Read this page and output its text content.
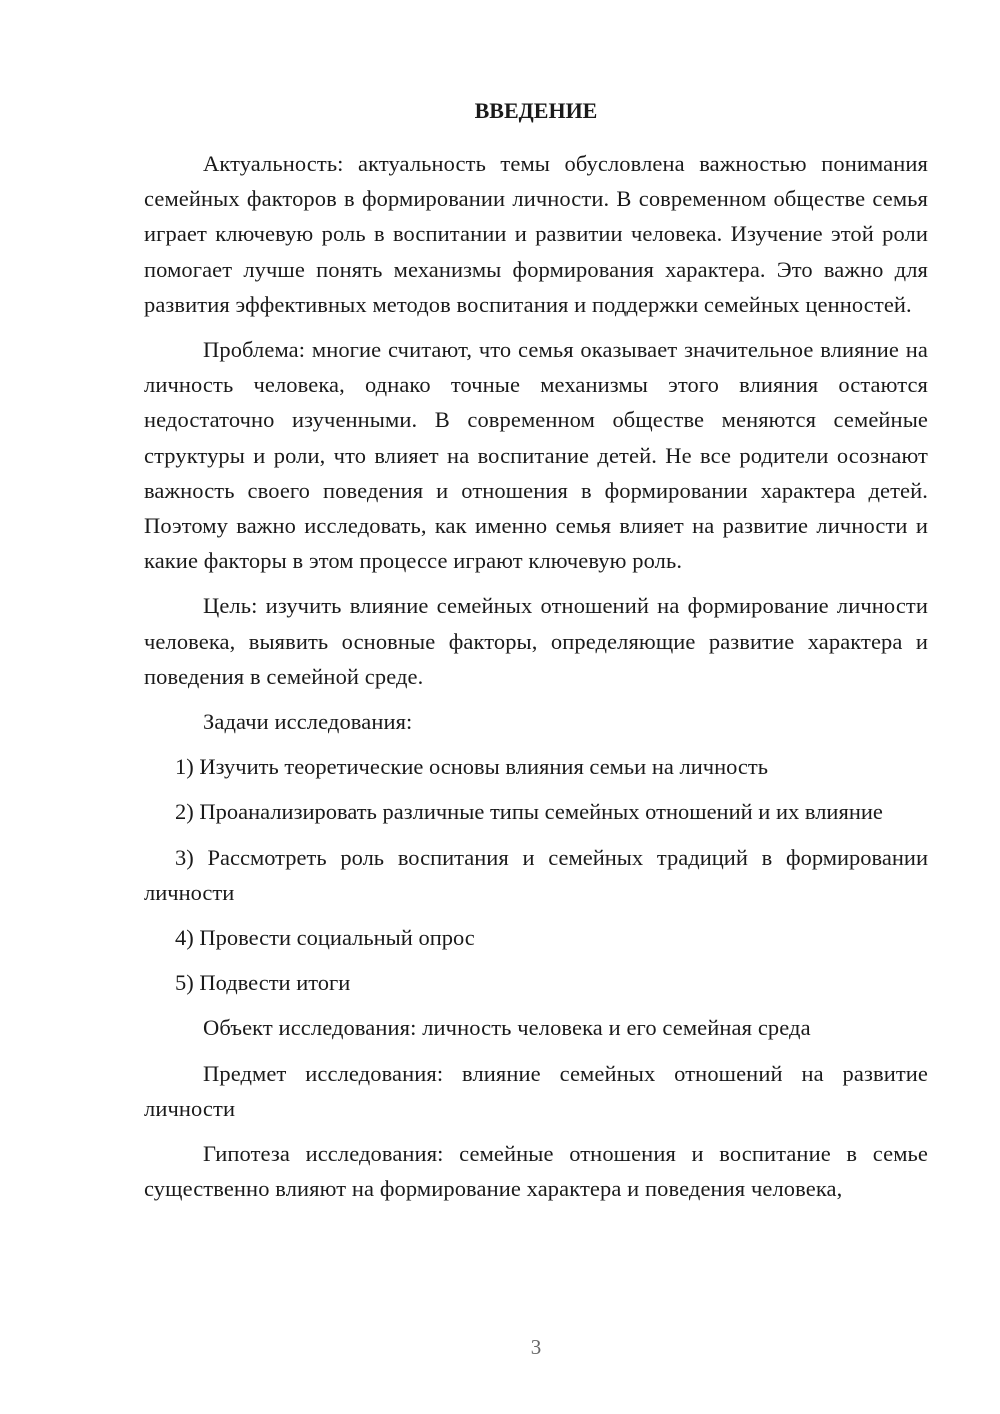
ВВЕДЕНИЕ

Актуальность: актуальность темы обусловлена важностью понимания семейных факторов в формировании личности. В современном обществе семья играет ключевую роль в воспитании и развитии человека. Изучение этой роли помогает лучше понять механизмы формирования характера. Это важно для развития эффективных методов воспитания и поддержки семейных ценностей.

Проблема: многие считают, что семья оказывает значительное влияние на личность человека, однако точные механизмы этого влияния остаются недостаточно изученными. В современном обществе меняются семейные структуры и роли, что влияет на воспитание детей. Не все родители осознают важность своего поведения и отношения в формировании характера детей. Поэтому важно исследовать, как именно семья влияет на развитие личности и какие факторы в этом процессе играют ключевую роль.

Цель: изучить влияние семейных отношений на формирование личности человека, выявить основные факторы, определяющие развитие характера и поведения в семейной среде.

Задачи исследования:

1) Изучить теоретические основы влияния семьи на личность

2) Проанализировать различные типы семейных отношений и их влияние

3) Рассмотреть роль воспитания и семейных традиций в формировании личности

4) Провести социальный опрос

5) Подвести итоги

Объект исследования: личность человека и его семейная среда

Предмет исследования: влияние семейных отношений на развитие личности

Гипотеза исследования: семейные отношения и воспитание в семье существенно влияют на формирование характера и поведения человека,

3
